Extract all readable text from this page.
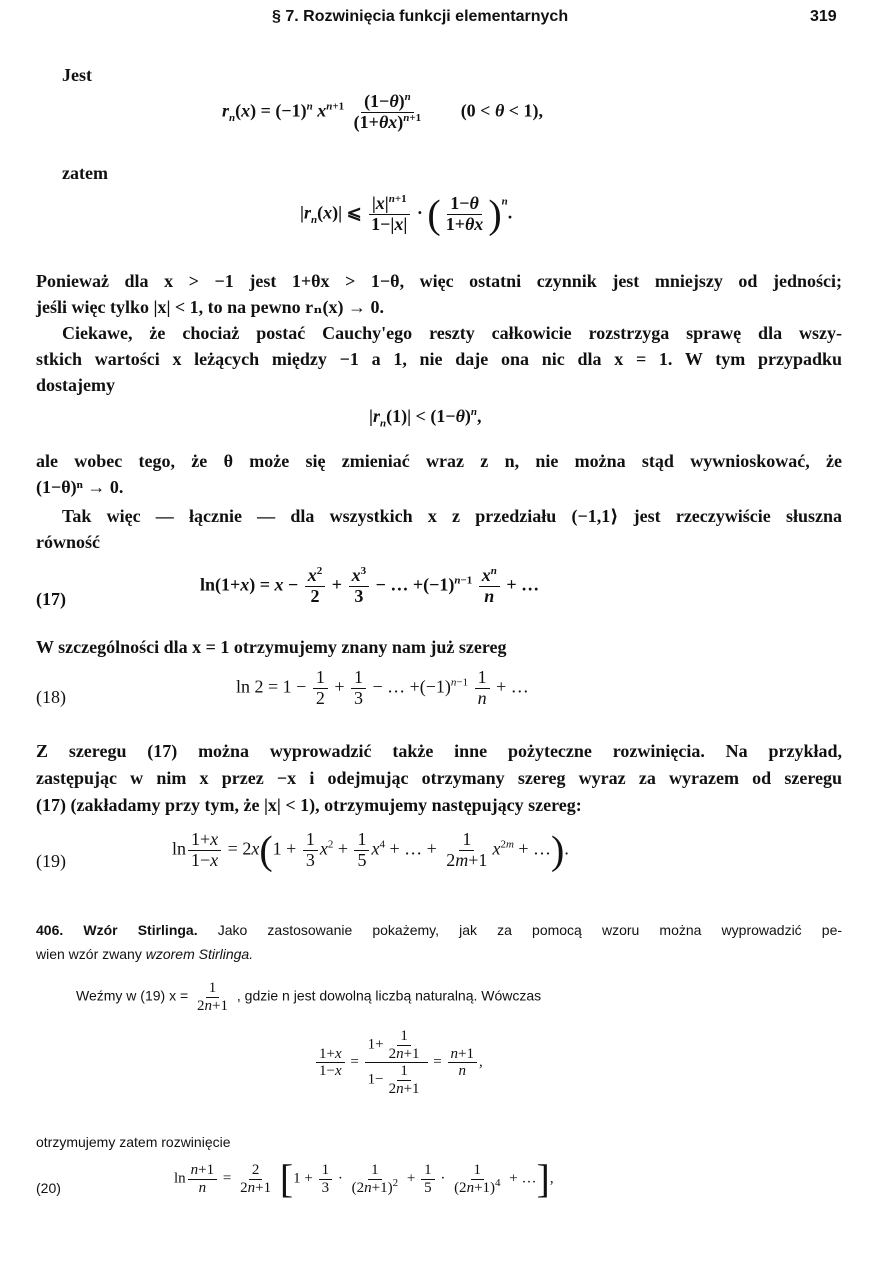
§ 7. Rozwinięcia funkcji elementarnych	319
Jest
$r_n(x) = (-1)^n$ $x^{n+1} \frac{(1-\theta)^n}{(1+\theta x)^{n+1}} (0 < \theta < 1)$,
zatem
$|r_n(x)|$ ⩽ $\frac{|x|^{n+1}}{1-|x|}$ · ( $\frac{1-\theta}{1+\theta x} )^n$.
Ponieważ dla x > −1 jest 1+θx > 1−θ, więc ostatni czynnik jest mniejszy od jedności;
jeśli więc tylko |x| < 1, to na pewno rₙ(x) → 0.
Ciekawe, że chociaż postać Cauchy'ego reszty całkowicie rozstrzyga sprawę dla wszy-
stkich wartości x leżących między −1 a 1, nie daje ona nic dla x = 1. W tym przypadku
dostajemy
$|r_n(1)| < (1-\theta)^n$,
ale wobec tego, że θ może się zmieniać wraz z n, nie można stąd wywnioskować, że
(1−θ)ⁿ → 0.
Tak więc — łącznie — dla wszystkich x z przedziału (−1,1⟩ jest rzeczywiście słuszna
równość
(17)
$\ln(1+x) = x - \frac{x^2}{2} + \frac{x^3}{3}$ − … $+(-1)^{n-1} \frac{x^n}{n}$ + …
W szczególności dla x = 1 otrzymujemy znany nam już szereg
(18)
$\ln 2 = 1 - \frac{1}{2} + \frac{1}{3}$ − … $+(-1)^{n-1} \frac{1}{n}$ + …
Z szeregu (17) można wyprowadzić także inne pożyteczne rozwinięcia. Na przykład,
zastępując w nim x przez −x i odejmując otrzymany szereg wyraz za wyrazem od szeregu
(17) (zakładamy przy tym, że |x| < 1), otrzymujemy następujący szereg:
(19)
$\ln \frac{1+x}{1-x} = 2x(1 + \frac{1}{3} x^2 + \frac{1}{5} x^4$ + … + $\frac{1}{2m+1} x^{2m}$ + …).
406. Wzór Stirlinga. Jako zastosowanie pokażemy, jak za pomocą wzoru można wyprowadzić pe-
wien wzór zwany wzorem Stirlinga.
Weźmy w (19) $x = \frac{1}{2n+1}$ , gdzie n jest dowolną liczbą naturalną. Wówczas
$\frac{1+x}{1-x} = \frac{1+ \frac{1}{2n+1}}{1- \frac{1}{2n+1}} = \frac{n+1}{n}$ ,
otrzymujemy zatem rozwinięcie
(20)
$\ln \frac{n+1}{n} = \frac{2}{2n+1} [1 + \frac{1}{3} \cdot \frac{1}{(2n+1)^2} + \frac{1}{5} \cdot \frac{1}{(2n+1)^4}$ + …],
